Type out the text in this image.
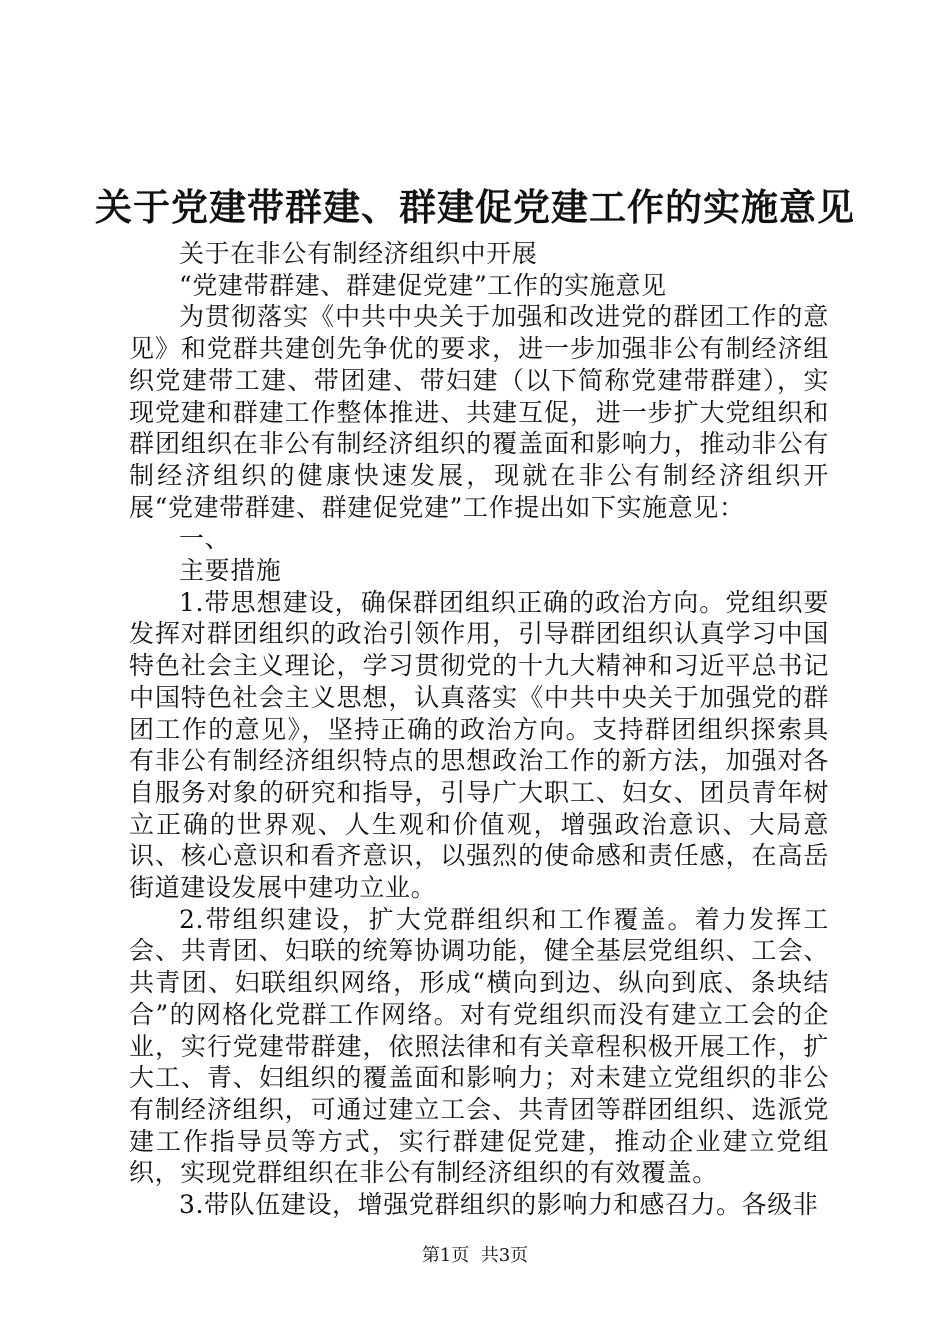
关于党建带群建、群建促党建工作的实施意见

关于在非公有制经济组织中开展

“党建带群建、群建促党建”工作的实施意见

为贯彻落实《中共中央关于加强和改进党的群团工作的意见》和党群共建创先争优的要求，进一步加强非公有制经济组织党建带工建、带团建、带妇建（以下简称党建带群建），实现党建和群建工作整体推进、共建互促，进一步扩大党组织和群团组织在非公有制经济组织的覆盖面和影响力，推动非公有制经济组织的健康快速发展，现就在非公有制经济组织开展“党建带群建、群建促党建”工作提出如下实施意见：

一、

主要措施

1.带思想建设，确保群团组织正确的政治方向。党组织要发挥对群团组织的政治引领作用，引导群团组织认真学习中国特色社会主义理论，学习贯彻党的十九大精神和习近平总书记中国特色社会主义思想，认真落实《中共中央关于加强党的群团工作的意见》，坚持正确的政治方向。支持群团组织探索具有非公有制经济组织特点的思想政治工作的新方法，加强对各自服务对象的研究和指导，引导广大职工、妇女、团员青年树立正确的世界观、人生观和价值观，增强政治意识、大局意识、核心意识和看齐意识，以强烈的使命感和责任感，在高岳街道建设发展中建功立业。

2.带组织建设，扩大党群组织和工作覆盖。着力发挥工会、共青团、妇联的统筹协调功能，健全基层党组织、工会、共青团、妇联组织网络，形成“横向到边、纵向到底、条块结合”的网格化党群工作网络。对有党组织而没有建立工会的企业，实行党建带群建，依照法律和有关章程积极开展工作，扩大工、青、妇组织的覆盖面和影响力；对未建立党组织的非公有制经济组织，可通过建立工会、共青团等群团组织、选派党建工作指导员等方式，实行群建促党建，推动企业建立党组织，实现党群组织在非公有制经济组织的有效覆盖。

3.带队伍建设，增强党群组织的影响力和感召力。各级非

第1页 共3页
